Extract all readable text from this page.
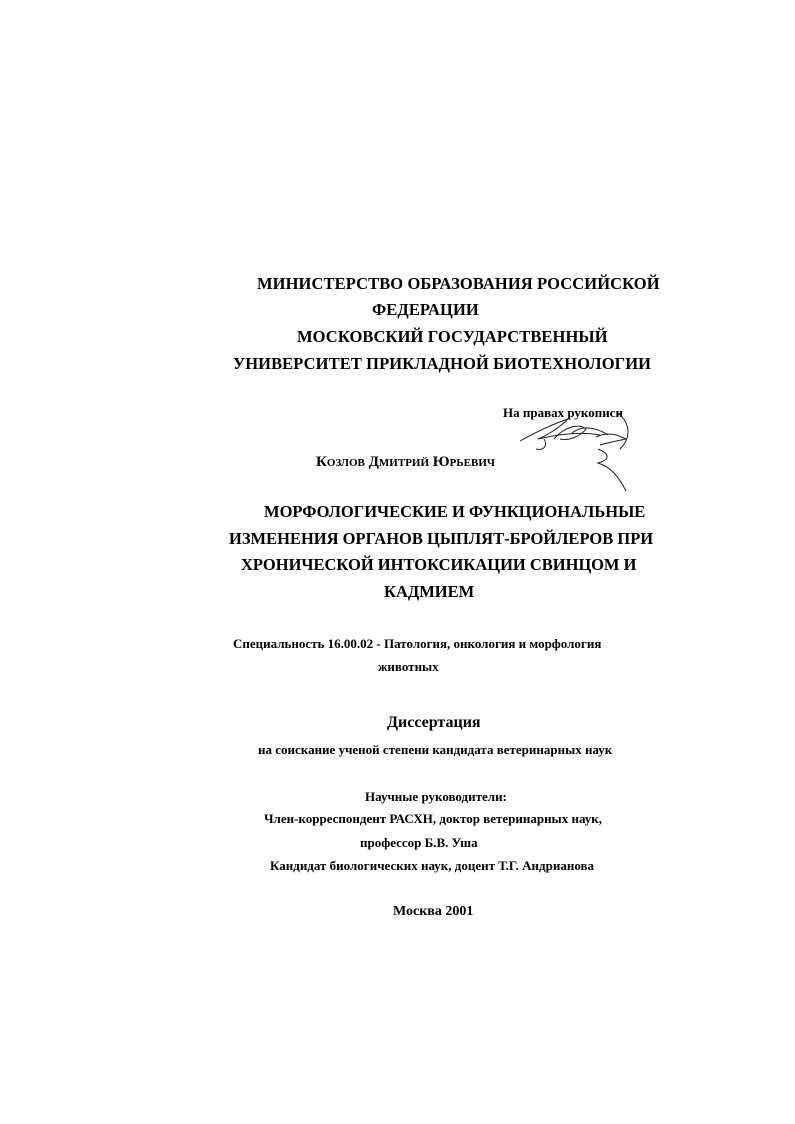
МИНИСТЕРСТВО ОБРАЗОВАНИЯ РОССИЙСКОЙ
ФЕДЕРАЦИИ
МОСКОВСКИЙ ГОСУДАРСТВЕННЫЙ
УНИВЕРСИТЕТ ПРИКЛАДНОЙ БИОТЕХНОЛОГИИ
На правах рукописи
Козлов Дмитрий Юрьевич
МОРФОЛОГИЧЕСКИЕ И ФУНКЦИОНАЛЬНЫЕ
ИЗМЕНЕНИЯ ОРГАНОВ ЦЫПЛЯТ-БРОЙЛЕРОВ ПРИ
ХРОНИЧЕСКОЙ ИНТОКСИКАЦИИ СВИНЦОМ И
КАДМИЕМ
Специальность 16.00.02 - Патология, онкология и морфология
животных
Диссертация
на соискание ученой степени кандидата ветеринарных наук
Научные руководители:
Член-корреспондент РАСХН, доктор ветеринарных наук,
профессор Б.В. Уша
Кандидат биологических наук, доцент Т.Г. Андрианова
Москва 2001
